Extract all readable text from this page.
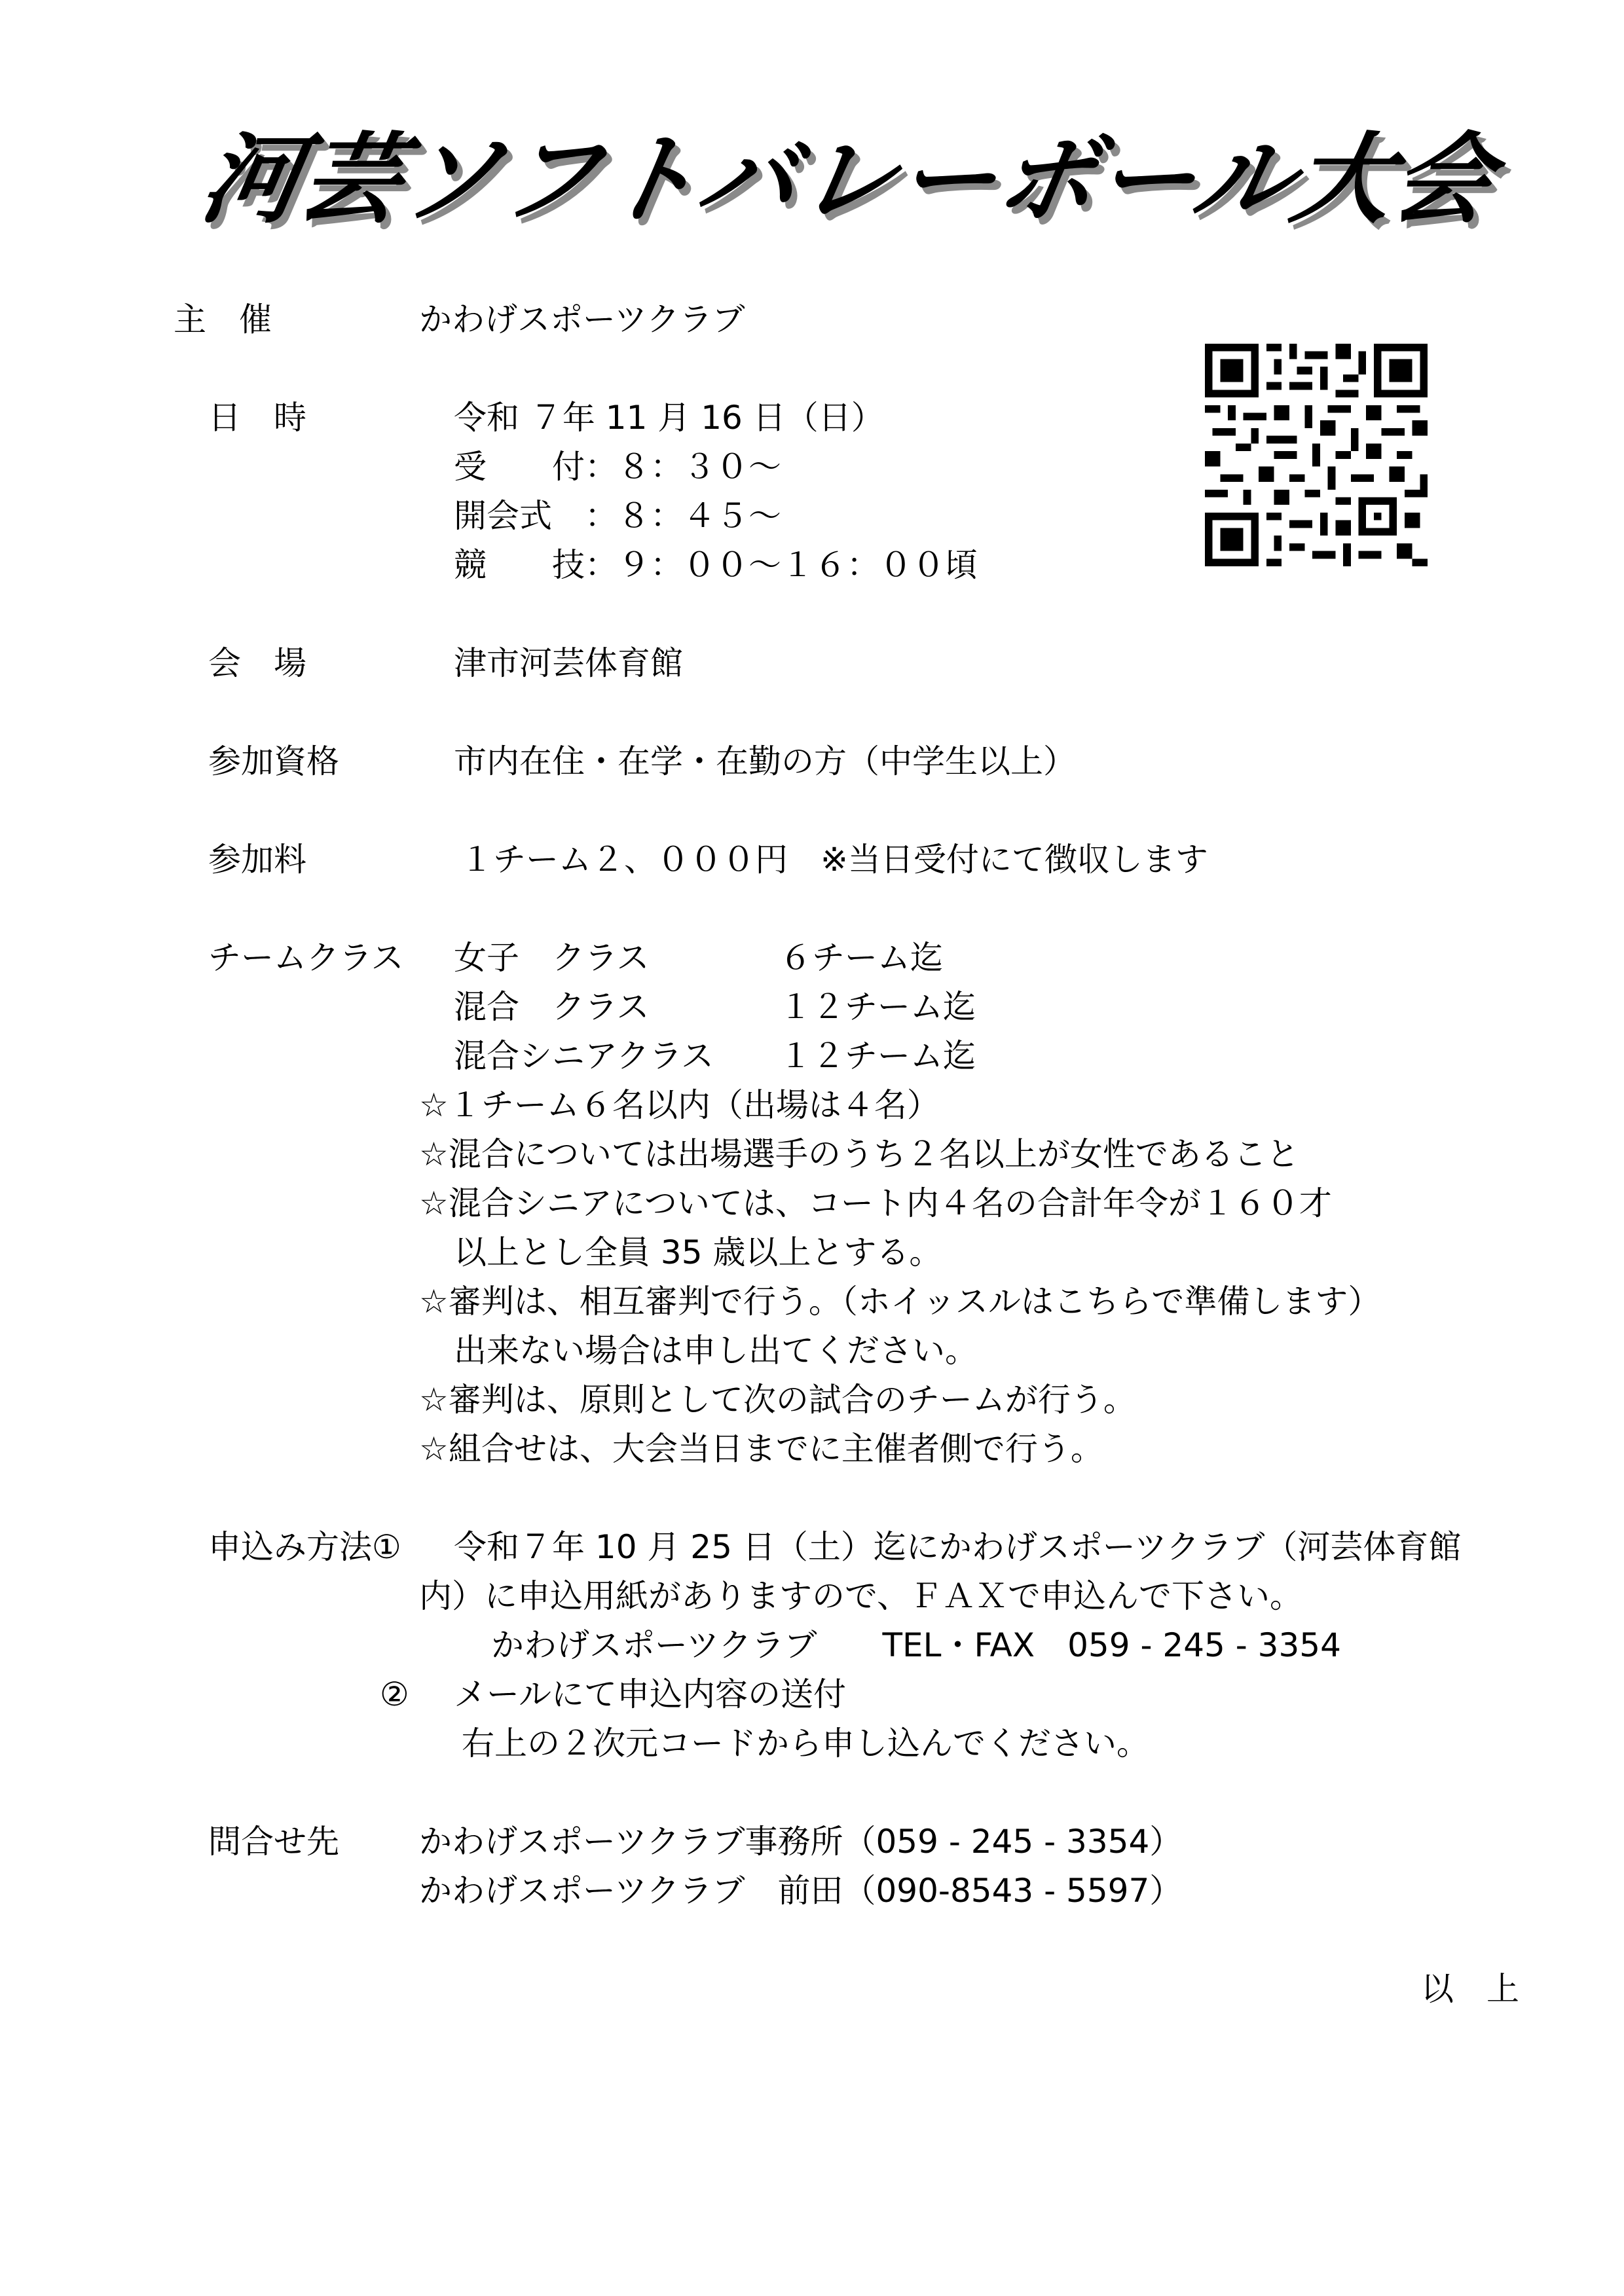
河芸ソフトバレーボール大会
主　催	かわげスポーツクラブ
日　時	令和 ７年 11 月 16 日（日）
受　　付：８：３０～
開会式　：８：４５～
競　　技：９：００～１６：００頃
会　場	津市河芸体育館
参加資格	市内在住・在学・在勤の方（中学生以上）
参加料	１チーム２、０００円　※当日受付にて徴収します
チームクラス 女子　クラス	６チーム迄
混合　クラス	１２チーム迄
混合シニアクラス １２チーム迄
☆１チーム６名以内（出場は４名）
☆混合については出場選手のうち２名以上が女性であること
☆混合シニアについては、コート内４名の合計年令が１６０才
以上とし全員 35 歳以上とする。
☆審判は、相互審判で行う。（ホイッスルはこちらで準備します）
出来ない場合は申し出てください。
☆審判は、原則として次の試合のチームが行う。
☆組合せは、大会当日までに主催者側で行う。
申込み方法① 令和７年 10 月 25 日（土）迄にかわげスポーツクラブ（河芸体育館
内）に申込用紙がありますので、ＦＡＸで申込んで下さい。
かわげスポーツクラブ　　TEL・FAX　059 - 245 - 3354
② メールにて申込内容の送付
右上の２次元コードから申し込んでください。
問合せ先 かわげスポーツクラブ事務所（059 - 245 - 3354）
かわげスポーツクラブ　前田（090-8543 - 5597）
以　上
